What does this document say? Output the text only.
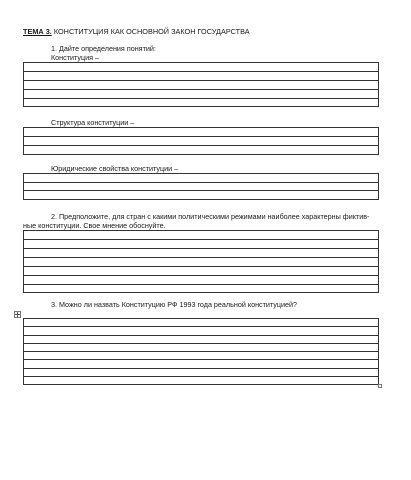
ТЕМА 3. КОНСТИТУЦИЯ КАК ОСНОВНОЙ ЗАКОН ГОСУДАРСТВА
1. Дайте определения понятий:
Конституция –
Структура конституции –
Юридические свойства конституции –
2. Предположите, для стран с какими политическими режимами наиболее характерны фиктив-ные конституции. Свое мнение обоснуйте.
3. Можно ли назвать Конституцию РФ 1993 года реальной конституцией?
